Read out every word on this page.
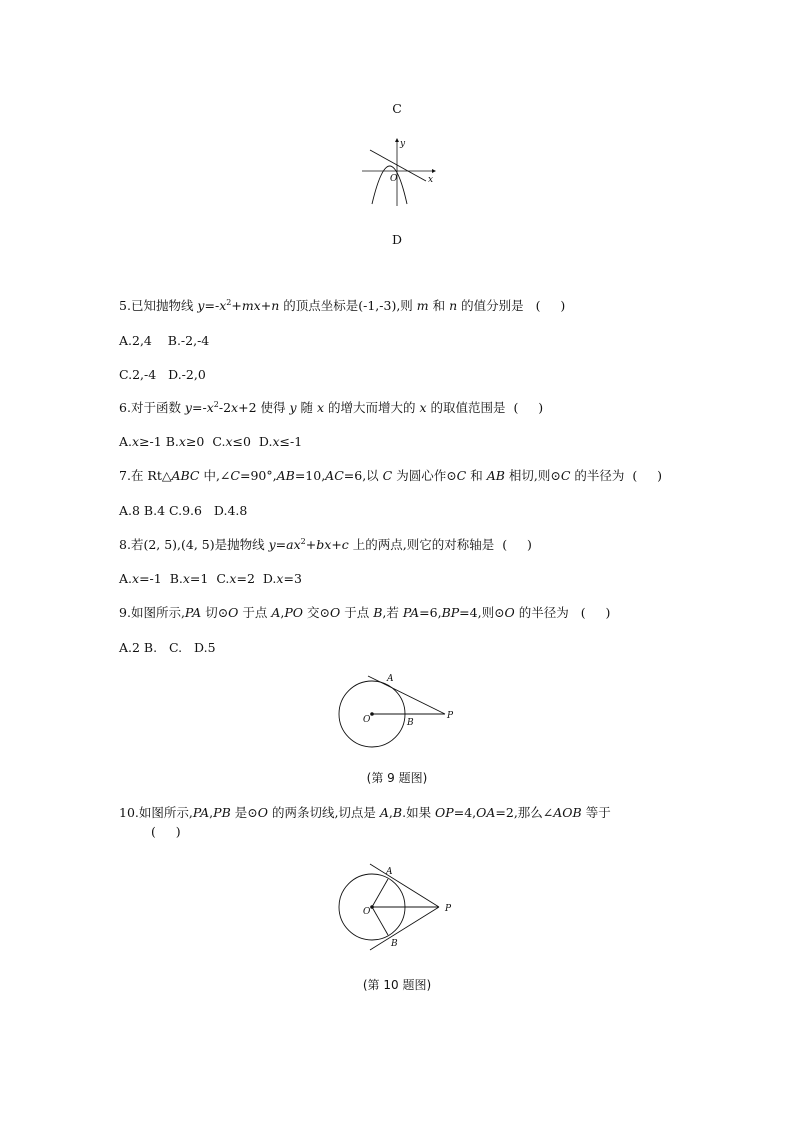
C
y
x
O
D
5.已知抛物线 $y=-x^2+mx+n$ 的顶点坐标是(-1,-3),则 m 和 n 的值分别是 (     )
A.2,4    B.-2,-4
C.2,-4   D.-2,0
6.对于函数 $y=-x^2-2x+2$ 使得 y 随 x 的增大而增大的 x 的取值范围是 (     )
A.x≥-1 B.x≥0 C.x≤0 D.x≤-1
7.在 Rt△ABC 中,∠C=90°,AB=10,AC=6,以 C 为圆心作⊙C 和 AB 相切,则⊙C 的半径为 (     )
A.8 B.4 C.9.6   D.4.8
8.若(2, 5),(4, 5)是抛物线 $y=ax^2+bx+c$ 上的两点,则它的对称轴是 (     )
A.x=-1 B.x=1 C.x=2 D.x=3
9.如图所示,PA 切⊙O 于点 A,PO 交⊙O 于点 B,若 PA=6,BP=4,则⊙O 的半径为 (     )
A.2 B.   C.   D.5
A
O	B
P
(第 9 题图)
10.如图所示,PA,PB 是⊙O 的两条切线,切点是 A,B.如果 OP=4,OA=2,那么∠AOB 等于
(     )
A
O
B
P
(第 10 题图)
